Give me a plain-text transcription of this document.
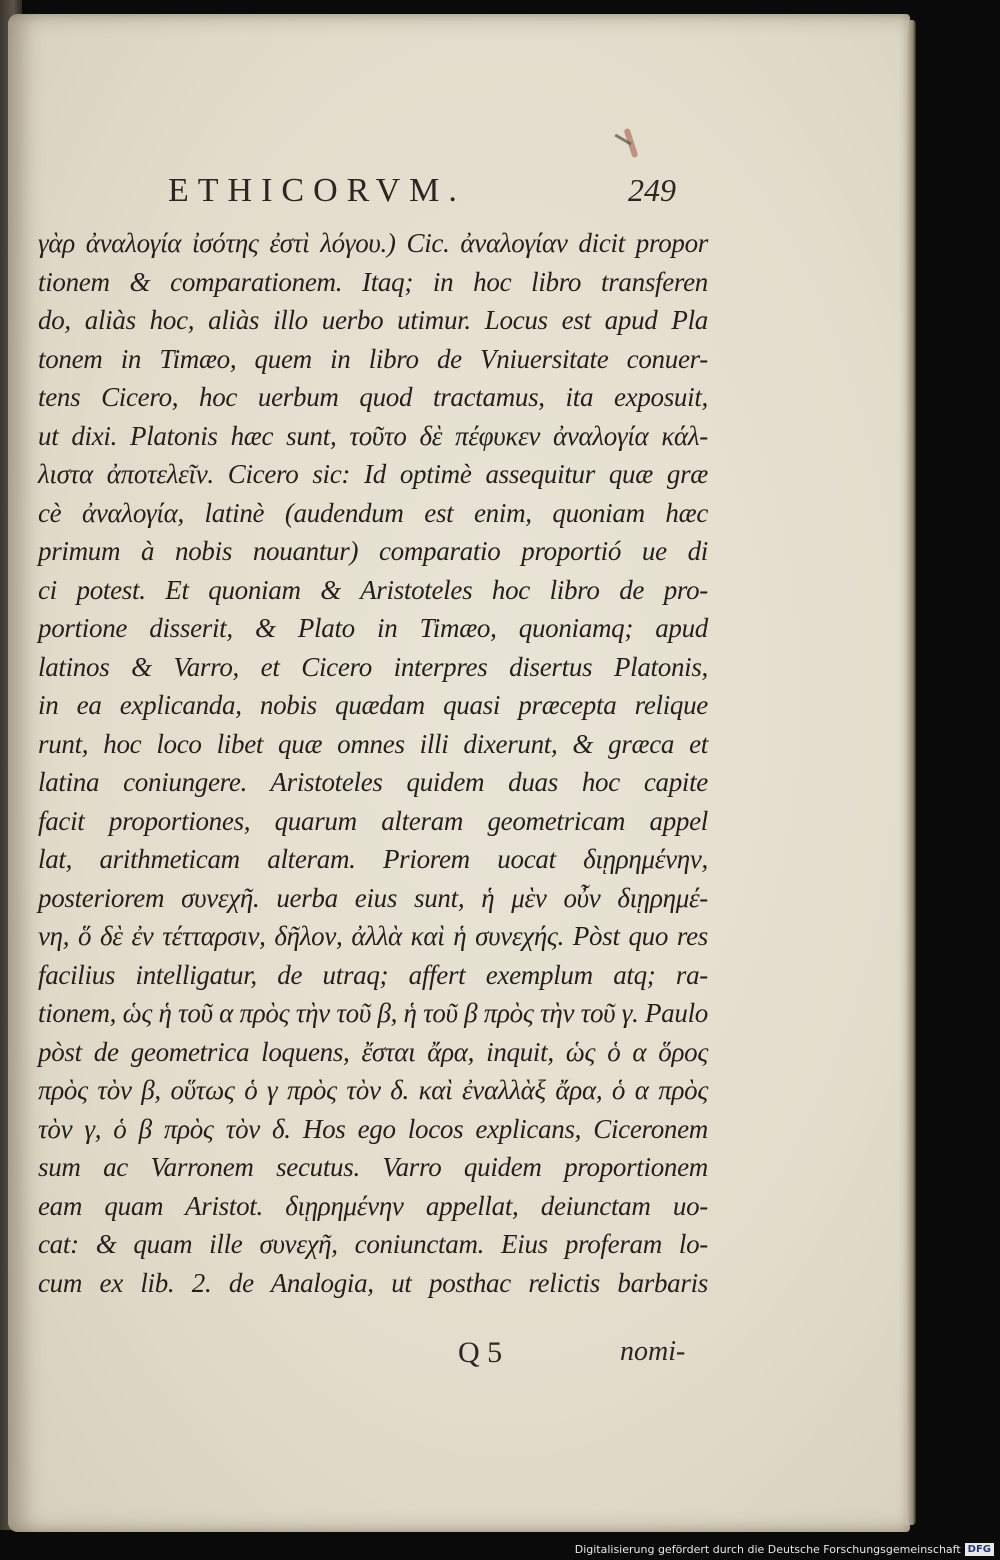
ETHICORVM.	249
γὰρ ἀναλογία ἰσότης ἐστὶ λόγου.) Cic. ἀναλογίαν dicit propor
tionem & comparationem. Itaq; in hoc libro transferen
do, aliàs hoc, aliàs illo uerbo utimur. Locus est apud Pla
tonem in Timæo, quem in libro de Vniuersitate conuer-
tens Cicero, hoc uerbum quod tractamus, ita exposuit,
ut dixi. Platonis hæc sunt, τοῦτο δὲ πέφυκεν ἀναλογία κάλ-
λιστα ἀποτελεῖν. Cicero sic: Id optimè assequitur quæ græ
cè ἀναλογία, latinè (audendum est enim, quoniam hæc
primum à nobis nouantur) comparatio proportió ue di
ci potest. Et quoniam & Aristoteles hoc libro de pro-
portione disserit, & Plato in Timæo, quoniamq; apud
latinos & Varro, et Cicero interpres disertus Platonis,
in ea explicanda, nobis quædam quasi præcepta relique
runt, hoc loco libet quæ omnes illi dixerunt, & græca et
latina coniungere. Aristoteles quidem duas hoc capite
facit proportiones, quarum alteram geometricam appel
lat, arithmeticam alteram. Priorem uocat διῃρημένην,
posteriorem συνεχῆ. uerba eius sunt, ἡ μὲν οὖν διῃρημέ-
νη, ὅ δὲ ἐν τέτταρσιν, δῆλον, ἀλλὰ καὶ ἡ συνεχής. Pòst quo res
facilius intelligatur, de utraq; affert exemplum atq; ra-
tionem, ὡς ἡ τοῦ α πρὸς τὴν τοῦ β, ἡ τοῦ β πρὸς τὴν τοῦ γ. Paulo
pòst de geometrica loquens, ἔσται ἄρα, inquit, ὡς ὁ α ὅρος
πρὸς τὸν β, οὕτως ὁ γ πρὸς τὸν δ. καὶ ἐναλλὰξ ἄρα, ὁ α πρὸς
τὸν γ, ὁ β πρὸς τὸν δ. Hos ego locos explicans, Ciceronem
sum ac Varronem secutus. Varro quidem proportionem
eam quam Aristot. διῃρημένην appellat, deiunctam uo-
cat: & quam ille συνεχῆ, coniunctam. Eius proferam lo-
cum ex lib. 2. de Analogia, ut posthac relictis barbaris
Q 5	nomi-
Digitalisierung gefördert durch die Deutsche Forschungsgemeinschaft DFG
